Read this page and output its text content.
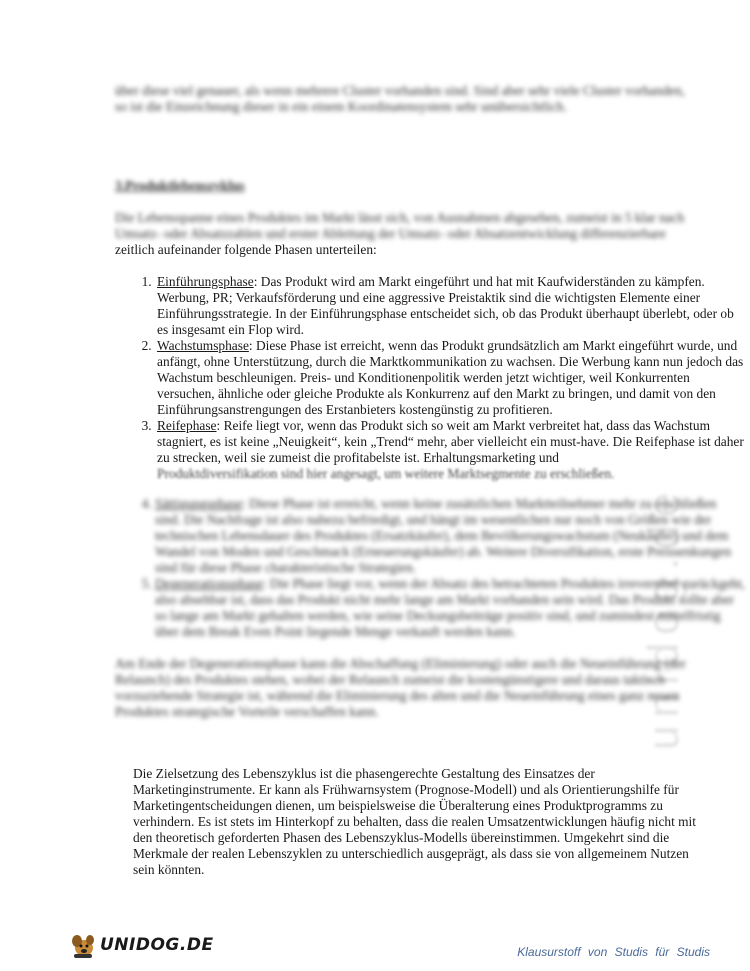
unidog.de
über diese viel genauer, als wenn mehrere Cluster vorhanden sind. Sind aber sehr viele Cluster vorhanden, so ist die Einzeichnung dieser in ein einem Koordinatensystem sehr unübersichtlich.
3.Produktlebenszyklus
Die Lebensspanne eines Produktes im Markt lässt sich, von Ausnahmen abgesehen, zumeist in 5 klar nach Umsatz- oder Absatzzahlen und erster Ableitung der Umsatz- oder Absatzentwicklung differenzierbare zeitlich aufeinander folgende Phasen unterteilen:
1. Einführungsphase: Das Produkt wird am Markt eingeführt und hat mit Kaufwiderständen zu kämpfen. Werbung, PR; Verkaufsförderung und eine aggressive Preistaktik sind die wichtigsten Elemente einer Einführungsstrategie. In der Einführungsphase entscheidet sich, ob das Produkt überhaupt überlebt, oder ob es insgesamt ein Flop wird.
2. Wachstumsphase: Diese Phase ist erreicht, wenn das Produkt grundsätzlich am Markt eingeführt wurde, und anfängt, ohne Unterstützung, durch die Marktkommunikation zu wachsen. Die Werbung kann nun jedoch das Wachstum beschleunigen. Preis- und Konditionenpolitik werden jetzt wichtiger, weil Konkurrenten versuchen, ähnliche oder gleiche Produkte als Konkurrenz auf den Markt zu bringen, und damit von den Einführungsanstrengungen des Erstanbieters kostengünstig zu profitieren.
3. Reifephase: Reife liegt vor, wenn das Produkt sich so weit am Markt verbreitet hat, dass das Wachstum stagniert, es ist keine „Neuigkeit“, kein „Trend“ mehr, aber vielleicht ein must-have. Die Reifephase ist daher zu strecken, weil sie zumeist die profitabelste ist. Erhaltungsmarketing und
Produktdiversifikation sind hier angesagt, um weitere Marktsegmente zu erschließen.
4. Sättigungsphase: Diese Phase ist erreicht, wenn keine zusätzlichen Marktteilnehmer mehr zu erschließen sind. Die Nachfrage ist also nahezu befriedigt, und hängt im wesentlichen nur noch von Größen wie der technischen Lebensdauer des Produktes (Ersatzkäufer), dem Bevölkerungswachstum (Neukäufer) und dem Wandel von Moden und Geschmack (Erneuerungskäufer) ab. Weitere Diversifikation, erste Preissenkungen sind für diese Phase charakteristische Strategien.
5. Degenerationsphase: Die Phase liegt vor, wenn der Absatz des betrachteten Produktes irreversibel zurückgeht, also absehbar ist, dass das Produkt nicht mehr lange am Markt vorhanden sein wird. Das Produkt sollte aber so lange am Markt gehalten werden, wie seine Deckungsbeiträge positiv sind, und zumindest mittelfristig über dem Break Even Point liegende Menge verkauft werden kann.
Am Ende der Degenerationsphase kann die Abschaffung (Eliminierung) oder auch die Neueinführung (der Relaunch) des Produktes stehen, wobei der Relaunch zumeist die kostengünstigere und daraus taktisch vorzuziehende Strategie ist, während die Eliminierung des alten und die Neueinführung eines ganz neuen Produktes strategische Vorteile verschaffen kann.
Die Zielsetzung des Lebenszyklus ist die phasengerechte Gestaltung des Einsatzes der Marketinginstrumente. Er kann als Frühwarnsystem (Prognose-Modell) und als Orientierungshilfe für Marketingentscheidungen dienen, um beispielsweise die Überalterung eines Produktprogramms zu verhindern. Es ist stets im Hinterkopf zu behalten, dass die realen Umsatzentwicklungen häufig nicht mit den theoretisch geforderten Phasen des Lebenszyklus-Modells übereinstimmen. Umgekehrt sind die Merkmale der realen Lebenszyklen zu unterschiedlich ausgeprägt, als dass sie von allgemeinem Nutzen sein könnten.
UNIDOG.DE	Klausurstoff von Studis für Studis
